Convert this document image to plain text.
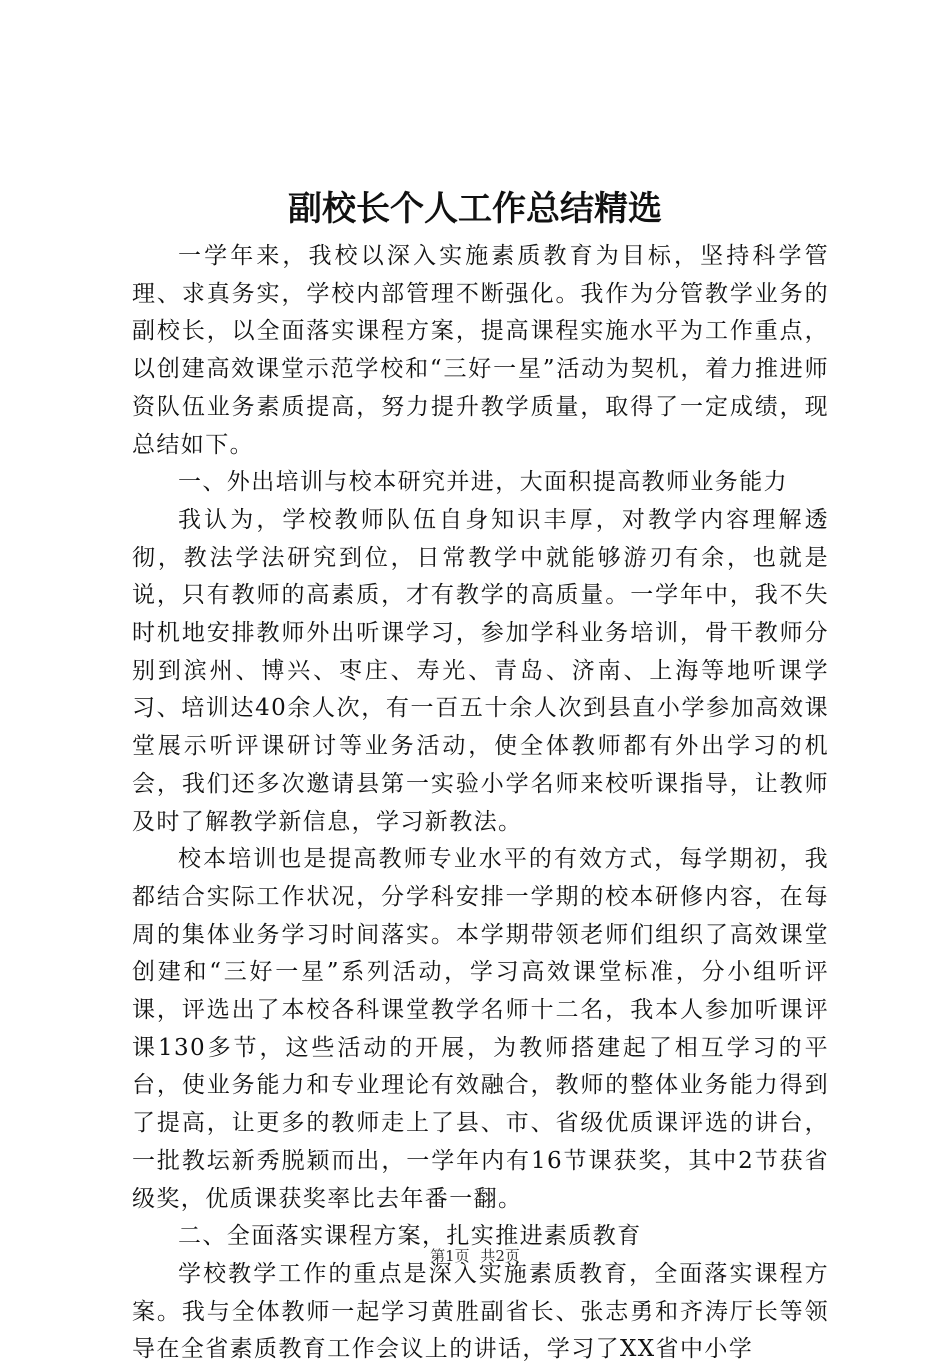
副校长个人工作总结精选

一学年来，我校以深入实施素质教育为目标，坚持科学管理、求真务实，学校内部管理不断强化。我作为分管教学业务的副校长，以全面落实课程方案，提高课程实施水平为工作重点，以创建高效课堂示范学校和“三好一星”活动为契机，着力推进师资队伍业务素质提高，努力提升教学质量，取得了一定成绩，现总结如下。

一、外出培训与校本研究并进，大面积提高教师业务能力

我认为，学校教师队伍自身知识丰厚，对教学内容理解透彻，教法学法研究到位，日常教学中就能够游刃有余，也就是说，只有教师的高素质，才有教学的高质量。一学年中，我不失时机地安排教师外出听课学习，参加学科业务培训，骨干教师分别到滨州、博兴、枣庄、寿光、青岛、济南、上海等地听课学习、培训达40余人次，有一百五十余人次到县直小学参加高效课堂展示听评课研讨等业务活动，使全体教师都有外出学习的机会，我们还多次邀请县第一实验小学名师来校听课指导，让教师及时了解教学新信息，学习新教法。

校本培训也是提高教师专业水平的有效方式，每学期初，我都结合实际工作状况，分学科安排一学期的校本研修内容，在每周的集体业务学习时间落实。本学期带领老师们组织了高效课堂创建和“三好一星”系列活动，学习高效课堂标准，分小组听评课，评选出了本校各科课堂教学名师十二名，我本人参加听课评课130多节，这些活动的开展，为教师搭建起了相互学习的平台，使业务能力和专业理论有效融合，教师的整体业务能力得到了提高，让更多的教师走上了县、市、省级优质课评选的讲台，一批教坛新秀脱颖而出，一学年内有16节课获奖，其中2节获省级奖，优质课获奖率比去年番一翻。

二、全面落实课程方案，扎实推进素质教育

学校教学工作的重点是深入实施素质教育，全面落实课程方案。我与全体教师一起学习黄胜副省长、张志勇和齐涛厅长等领导在全省素质教育工作会议上的讲话，学习了XX省中小学

第1页 共2页
